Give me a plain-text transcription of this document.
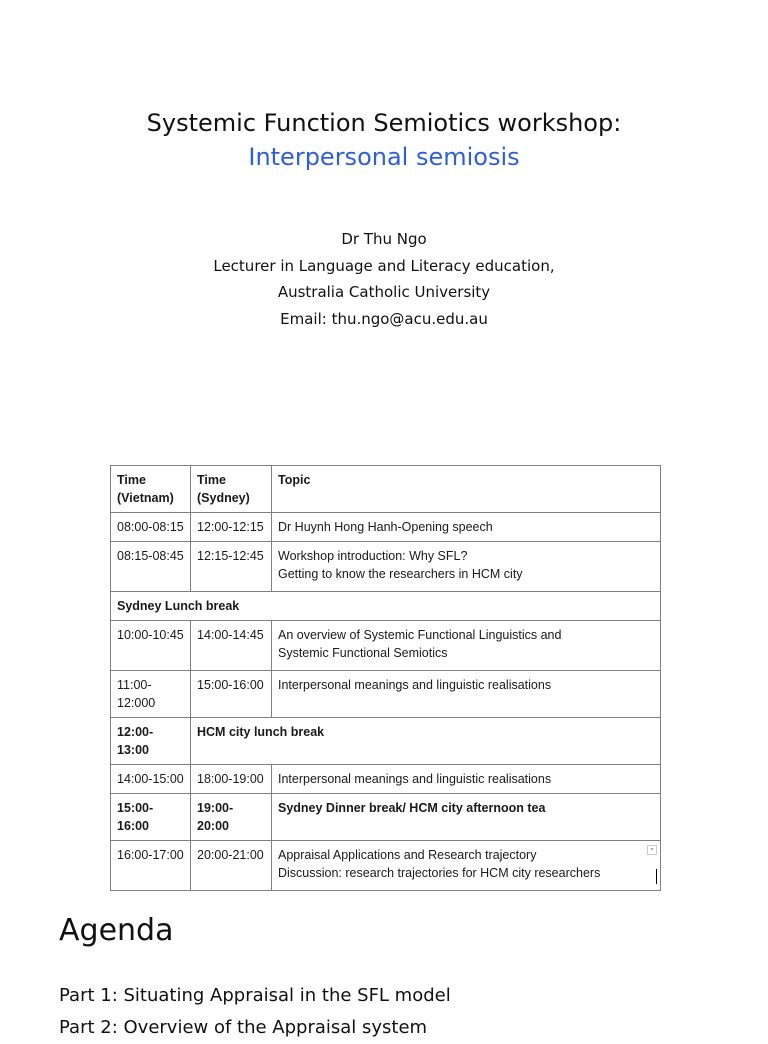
Systemic Function Semiotics workshop:
Interpersonal semiosis
Dr Thu Ngo
Lecturer in Language and Literacy education,
Australia Catholic University
Email: thu.ngo@acu.edu.au
Time
(Vietnam)	Time
(Sydney)	Topic
08:00-08:15	12:00-12:15	Dr Huynh Hong Hanh-Opening speech
08:15-08:45	12:15-12:45	Workshop introduction: Why SFL?
Getting to know the researchers in HCM city

Sydney Lunch break		
10:00-10:45	14:00-14:45	An overview of Systemic Functional Linguistics and
Systemic Functional Semiotics

11:00-12:000	15:00-16:00	Interpersonal meanings and linguistic realisations
12:00-13:00	HCM city lunch break	
14:00-15:00	18:00-19:00	Interpersonal meanings and linguistic realisations
15:00-16:00	19:00-20:00	Sydney Dinner break/ HCM city afternoon tea
16:00-17:00	20:00-21:00	Appraisal Applications and Research trajectory
Discussion: research trajectories for HCM city researchers
▾
Agenda
Part 1: Situating Appraisal in the SFL model
Part 2: Overview of the Appraisal system
